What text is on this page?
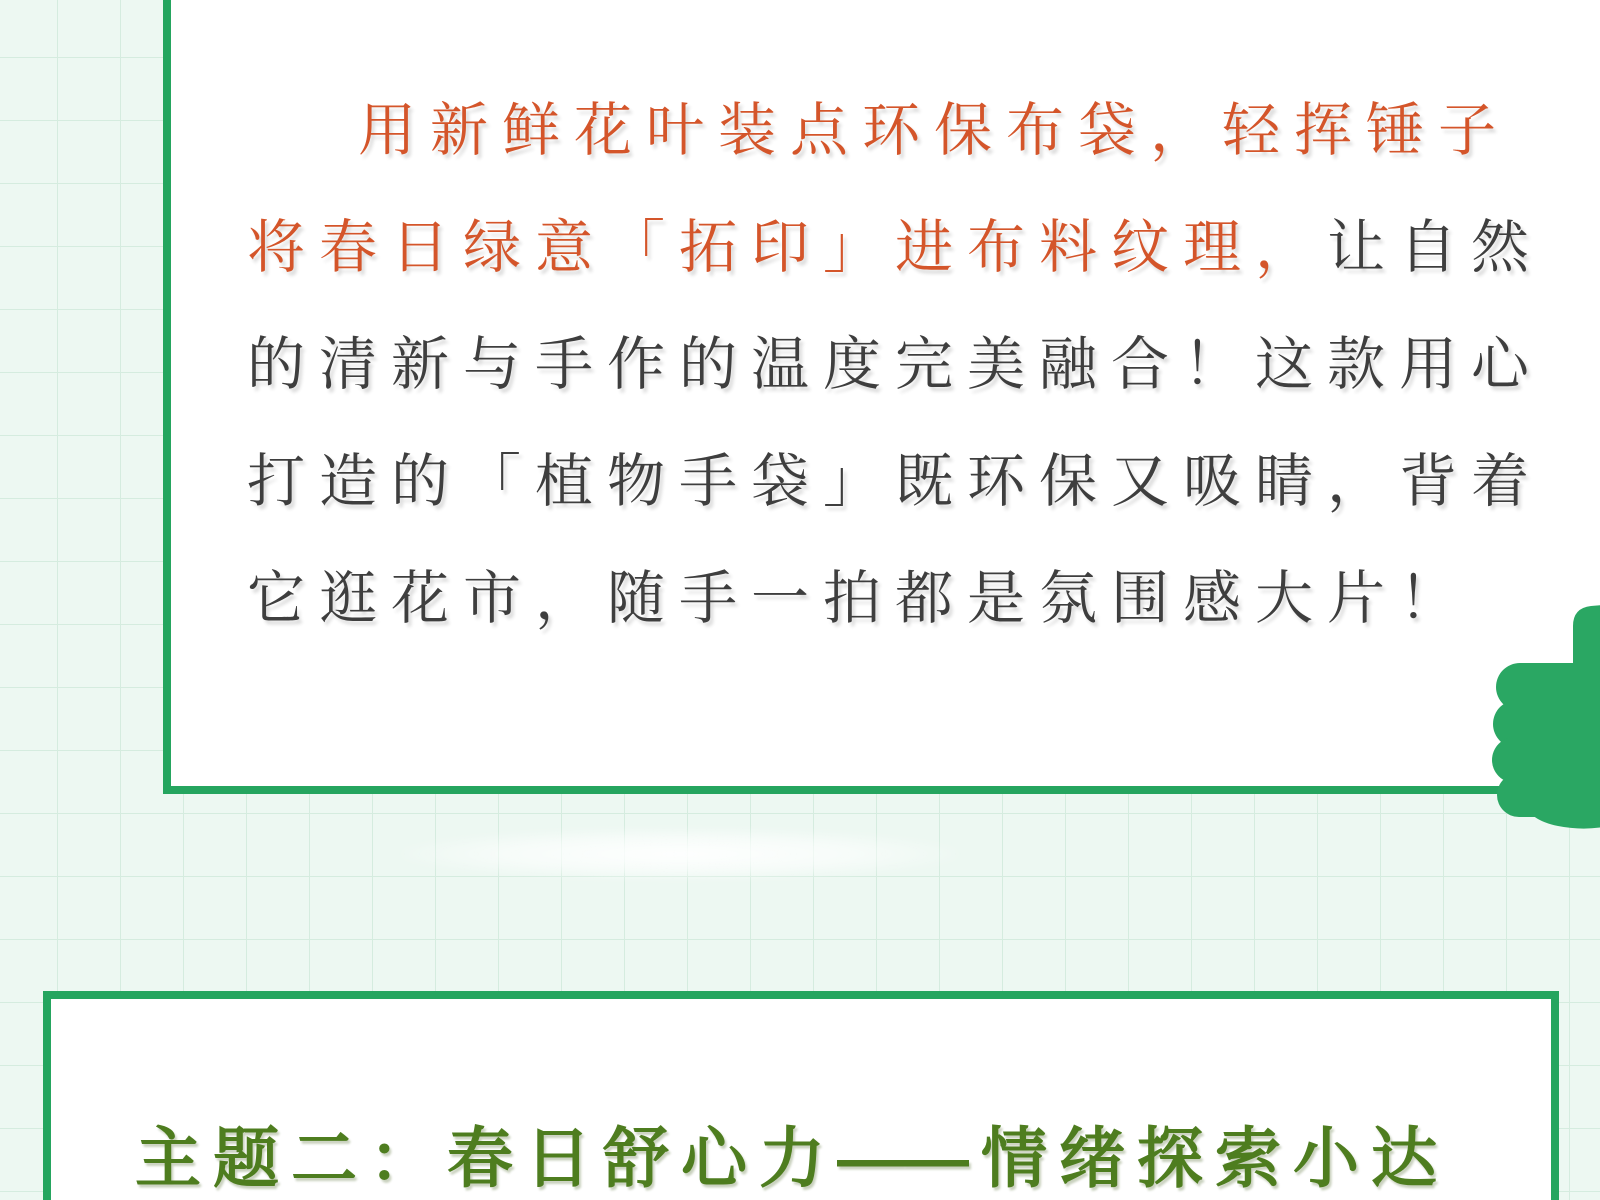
用新鲜花叶装点环保布袋，轻挥锤子
将春日绿意「拓印」进布料纹理，让自然
的清新与手作的温度完美融合！这款用心
打造的「植物手袋」既环保又吸睛，背着
它逛花市，随手一拍都是氛围感大片！
主题二：春日舒心力—— 情绪探索小达
